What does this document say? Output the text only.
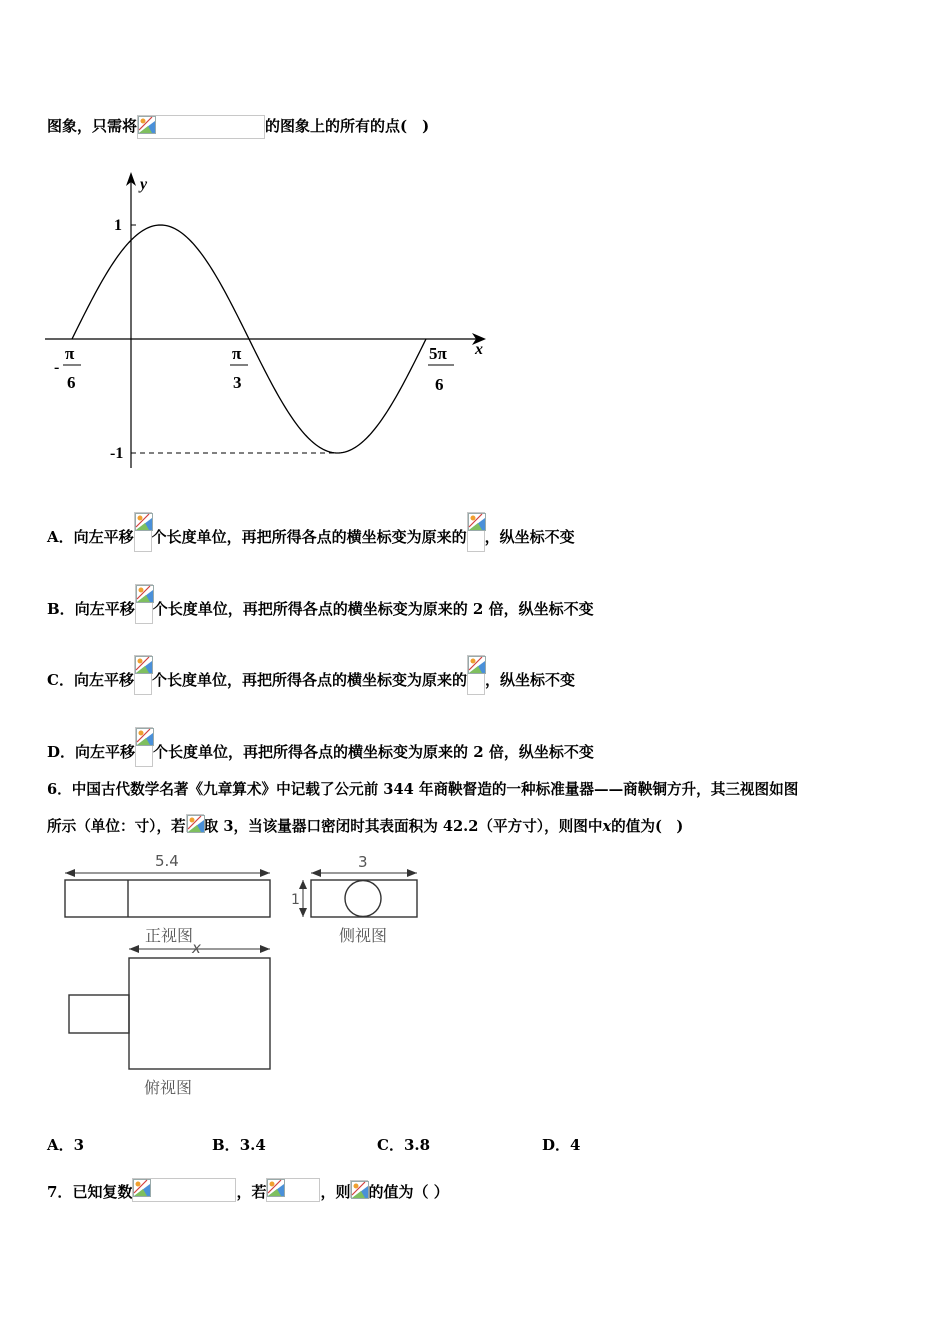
图象，只需将	的图象上的所有的点(　)
y
x
1
-1
-
π
6
π
3
5π
6
A．向左平移 个长度单位，再把所得各点的横坐标变为原来的 ，纵坐标不变
B．向左平移 个长度单位，再把所得各点的横坐标变为原来的 2 倍，纵坐标不变
C．向左平移 个长度单位，再把所得各点的横坐标变为原来的 ，纵坐标不变
D．向左平移 个长度单位，再把所得各点的横坐标变为原来的 2 倍，纵坐标不变
6．中国古代数学名著《九章算术》中记载了公元前 344 年商鞅督造的一种标准量器——商鞅铜方升，其三视图如图
所示（单位：寸），若 取 3，当该量器口密闭时其表面积为 42.2（平方寸），则图中x的值为(　)
5.4
正视图
3
1
侧视图
x
俯视图
A．3	B．3.4	C．3.8	D．4
7．已知复数	，若	，则 的值为（ ）
